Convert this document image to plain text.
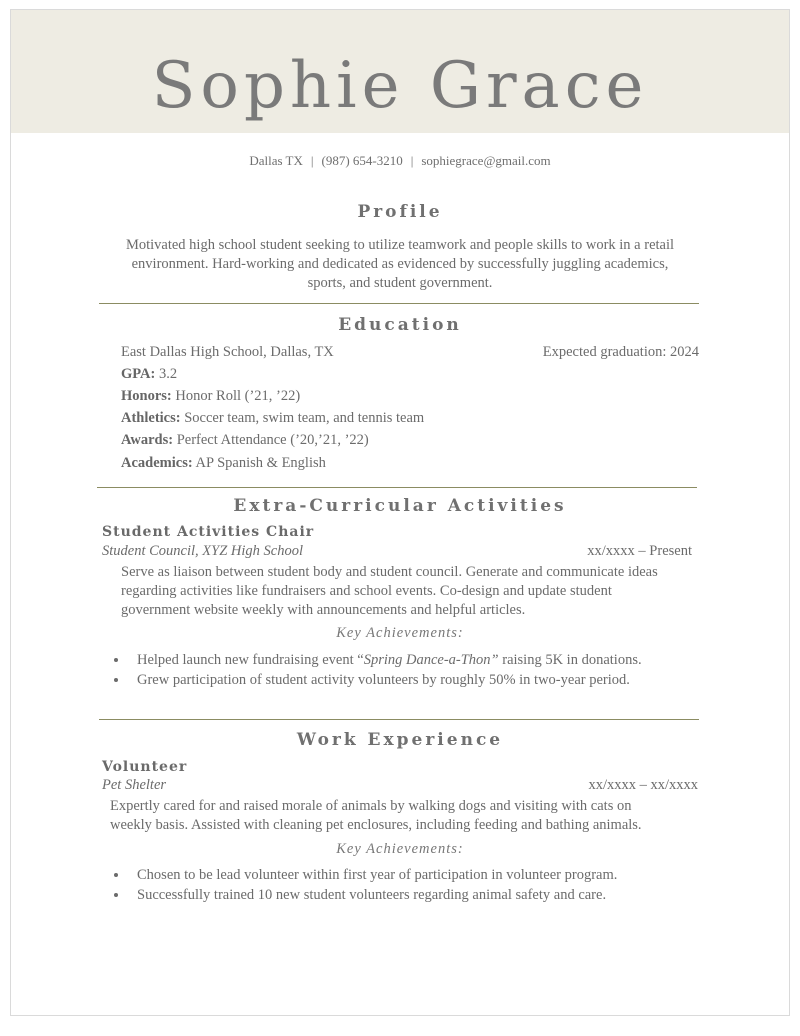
Sophie Grace
Dallas TX | (987) 654-3210 | sophiegrace@gmail.com
Profile
Motivated high school student seeking to utilize teamwork and people skills to work in a retail
environment. Hard-working and dedicated as evidenced by successfully juggling academics,
sports, and student government.
Education
East Dallas High School, Dallas, TX	Expected graduation: 2024
GPA: 3.2
Honors: Honor Roll (’21, ’22)
Athletics: Soccer team, swim team, and tennis team
Awards: Perfect Attendance (’20,’21, ’22)
Academics: AP Spanish & English
Extra-Curricular Activities
Student Activities Chair
Student Council, XYZ High School	xx/xxxx – Present
Serve as liaison between student body and student council. Generate and communicate ideas
regarding activities like fundraisers and school events. Co-design and update student
government website weekly with announcements and helpful articles.
Key Achievements:
• Helped launch new fundraising event “Spring Dance-a-Thon” raising 5K in donations.
• Grew participation of student activity volunteers by roughly 50% in two-year period.
Work Experience
Volunteer
Pet Shelter	xx/xxxx – xx/xxxx
Expertly cared for and raised morale of animals by walking dogs and visiting with cats on
weekly basis. Assisted with cleaning pet enclosures, including feeding and bathing animals.
Key Achievements:
• Chosen to be lead volunteer within first year of participation in volunteer program.
• Successfully trained 10 new student volunteers regarding animal safety and care.
